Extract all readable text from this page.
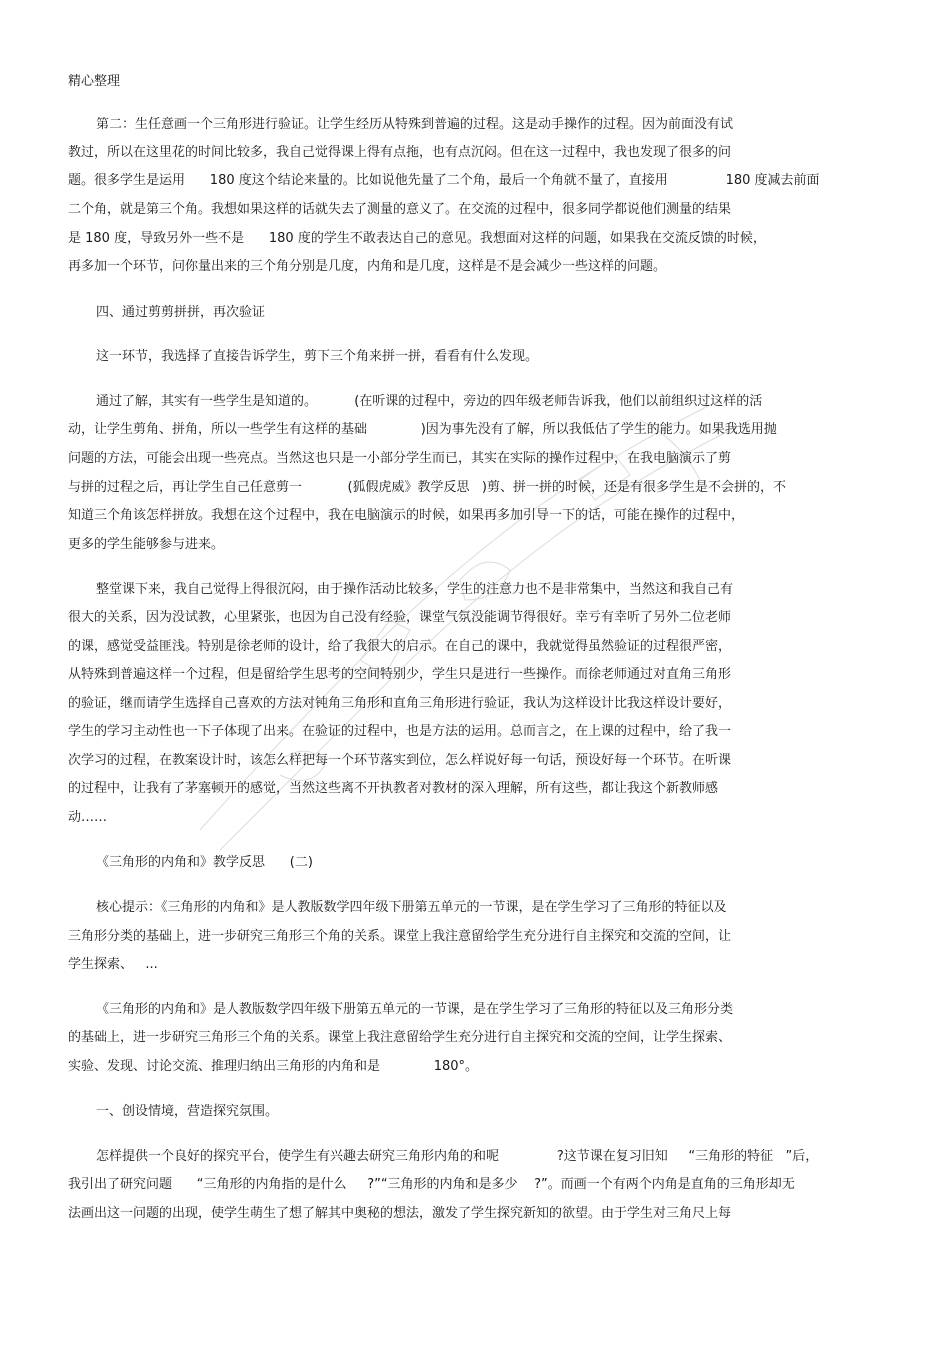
精心整理
第二：生任意画一个三角形进行验证。让学生经历从特殊到普遍的过程。这是动手操作的过程。因为前面没有试
教过，所以在这里花的时间比较多，我自己觉得课上得有点拖，也有点沉闷。但在这一过程中，我也发现了很多的问
题。很多学生是运用      180 度这个结论来量的。比如说他先量了二个角，最后一个角就不量了，直接用              180 度减去前面
二个角，就是第三个角。我想如果这样的话就失去了测量的意义了。在交流的过程中，很多同学都说他们测量的结果
是 180 度，导致另外一些不是      180 度的学生不敢表达自己的意见。我想面对这样的问题，如果我在交流反馈的时候，
再多加一个环节，问你量出来的三个角分别是几度，内角和是几度，这样是不是会减少一些这样的问题。
四、通过剪剪拼拼，再次验证
这一环节，我选择了直接告诉学生，剪下三个角来拼一拼，看看有什么发现。
通过了解，其实有一些学生是知道的。         (在听课的过程中，旁边的四年级老师告诉我，他们以前组织过这样的活
动，让学生剪角、拼角，所以一些学生有这样的基础             )因为事先没有了解，所以我低估了学生的能力。如果我选用抛
问题的方法，可能会出现一些亮点。当然这也只是一小部分学生而已，其实在实际的操作过程中，在我电脑演示了剪
与拼的过程之后，再让学生自己任意剪一           (狐假虎威》教学反思   )剪、拼一拼的时候，还是有很多学生是不会拼的，不
知道三个角该怎样拼放。我想在这个过程中，我在电脑演示的时候，如果再多加引导一下的话，可能在操作的过程中，
更多的学生能够参与进来。
整堂课下来，我自己觉得上得很沉闷，由于操作活动比较多，学生的注意力也不是非常集中，当然这和我自己有
很大的关系，因为没试教，心里紧张，也因为自己没有经验，课堂气氛没能调节得很好。幸亏有幸听了另外二位老师
的课，感觉受益匪浅。特别是徐老师的设计，给了我很大的启示。在自己的课中，我就觉得虽然验证的过程很严密，
从特殊到普遍这样一个过程，但是留给学生思考的空间特别少，学生只是进行一些操作。而徐老师通过对直角三角形
的验证，继而请学生选择自己喜欢的方法对钝角三角形和直角三角形进行验证，我认为这样设计比我这样设计要好，
学生的学习主动性也一下子体现了出来。在验证的过程中，也是方法的运用。总而言之，在上课的过程中，给了我一
次学习的过程，在教案设计时，该怎么样把每一个环节落实到位，怎么样说好每一句话，预设好每一个环节。在听课
的过程中，让我有了茅塞顿开的感觉，当然这些离不开执教者对教材的深入理解，所有这些，都让我这个新教师感
动……
《三角形的内角和》教学反思      (二)
核心提示：《三角形的内角和》是人教版数学四年级下册第五单元的一节课，是在学生学习了三角形的特征以及
三角形分类的基础上，进一步研究三角形三个角的关系。课堂上我注意留给学生充分进行自主探究和交流的空间，让
学生探索、   ...
《三角形的内角和》是人教版数学四年级下册第五单元的一节课，是在学生学习了三角形的特征以及三角形分类
的基础上，进一步研究三角形三个角的关系。课堂上我注意留给学生充分进行自主探究和交流的空间，让学生探索、
实验、发现、讨论交流、推理归纳出三角形的内角和是             180°。
一、创设情境，营造探究氛围。
怎样提供一个良好的探究平台，使学生有兴趣去研究三角形内角的和呢              ?这节课在复习旧知     “三角形的特征   ”后，
我引出了研究问题      “三角形的内角指的是什么     ?”“三角形的内角和是多少    ?”。而画一个有两个内角是直角的三角形却无
法画出这一问题的出现，使学生萌生了想了解其中奥秘的想法，激发了学生探究新知的欲望。由于学生对三角尺上每
